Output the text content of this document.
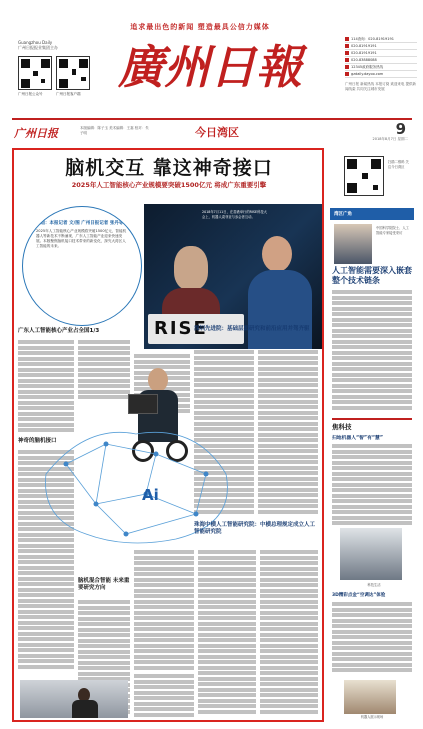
追求最出色的新闻 塑造最具公信力媒体
Guangzhou Daily
广州日报报业集团主办
广州日报公众号	广州日报客户端 廣州日報
114查询：020-81919191
020-81919191
020-81919191
020-83888088
12345政府服务热线
gzdaily.dayoo.com
广州日报 新闻热线 本报订阅 欢迎来电 提供新闻线索 共同关注城市发展
广州日报	本版编辑：陈子玉 美术编辑：王嘉 校对：朱子明	今日湾区	9
2018年8月7日 星期二
脑机交互 靠这神奇接口
2025年人工智能核心产业规模要突破1500亿元 将成广东重要引擎
策划：本报记者 文/图 广州日报记者 张丹等
2025年人工智能核心产业规模将突破1500亿元，智能机器人等新技术不断涌现，广东人工智能产业迎来快速发展。本版聚焦脑机接口技术带来的新变化，探究大湾区人工智能的未来。
2018年7月11日，在香港举行的RISE科技大会上，机器人索菲亚与参会者互动。
RISE
广东人工智能核心产业占全国1/3	深圳先进院：基础层面研究和前沿应用并驾齐驱
神奇的脑机接口
Ai
珠海中横人工智能研究院：中横总理规定成立人工智能研究院
脑机混合智能 未来重要研究方向
扫描二维码 关注今日湾区
湾区广角
中国科学院院士、人工智能专家接受采访
人工智能需要深入嵌套整个技术链条
焦科技
扫地机器人“智”有“慧”
科技生活
3D精彩点金“空调达”体验
机器人展示现场
